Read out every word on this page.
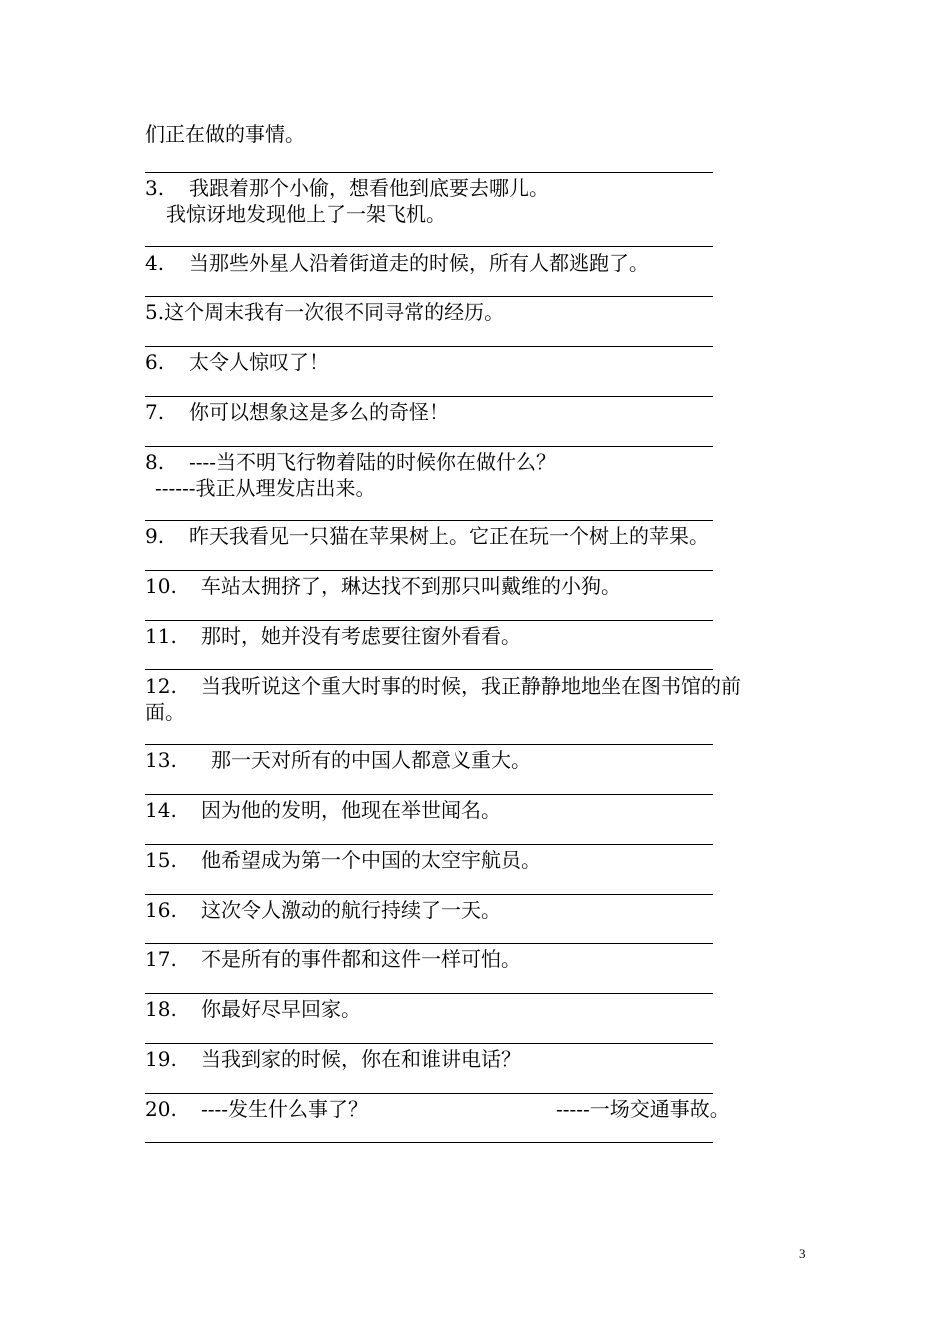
们正在做的事情。
3. 我跟着那个小偷，想看他到底要去哪儿。
我惊讶地发现他上了一架飞机。
4. 当那些外星人沿着街道走的时候，所有人都逃跑了。
5.这个周末我有一次很不同寻常的经历。
6. 太令人惊叹了！
7. 你可以想象这是多么的奇怪！
8. ----当不明飞行物着陆的时候你在做什么？
------我正从理发店出来。
9. 昨天我看见一只猫在苹果树上。它正在玩一个树上的苹果。
10. 车站太拥挤了，琳达找不到那只叫戴维的小狗。
11. 那时，她并没有考虑要往窗外看看。
12. 当我听说这个重大时事的时候，我正静静地地坐在图书馆的前
面。
13. 那一天对所有的中国人都意义重大。
14. 因为他的发明，他现在举世闻名。
15. 他希望成为第一个中国的太空宇航员。
16. 这次令人激动的航行持续了一天。
17. 不是所有的事件都和这件一样可怕。
18. 你最好尽早回家。
19. 当我到家的时候，你在和谁讲电话？
20. ----发生什么事了？	-----一场交通事故。
3
